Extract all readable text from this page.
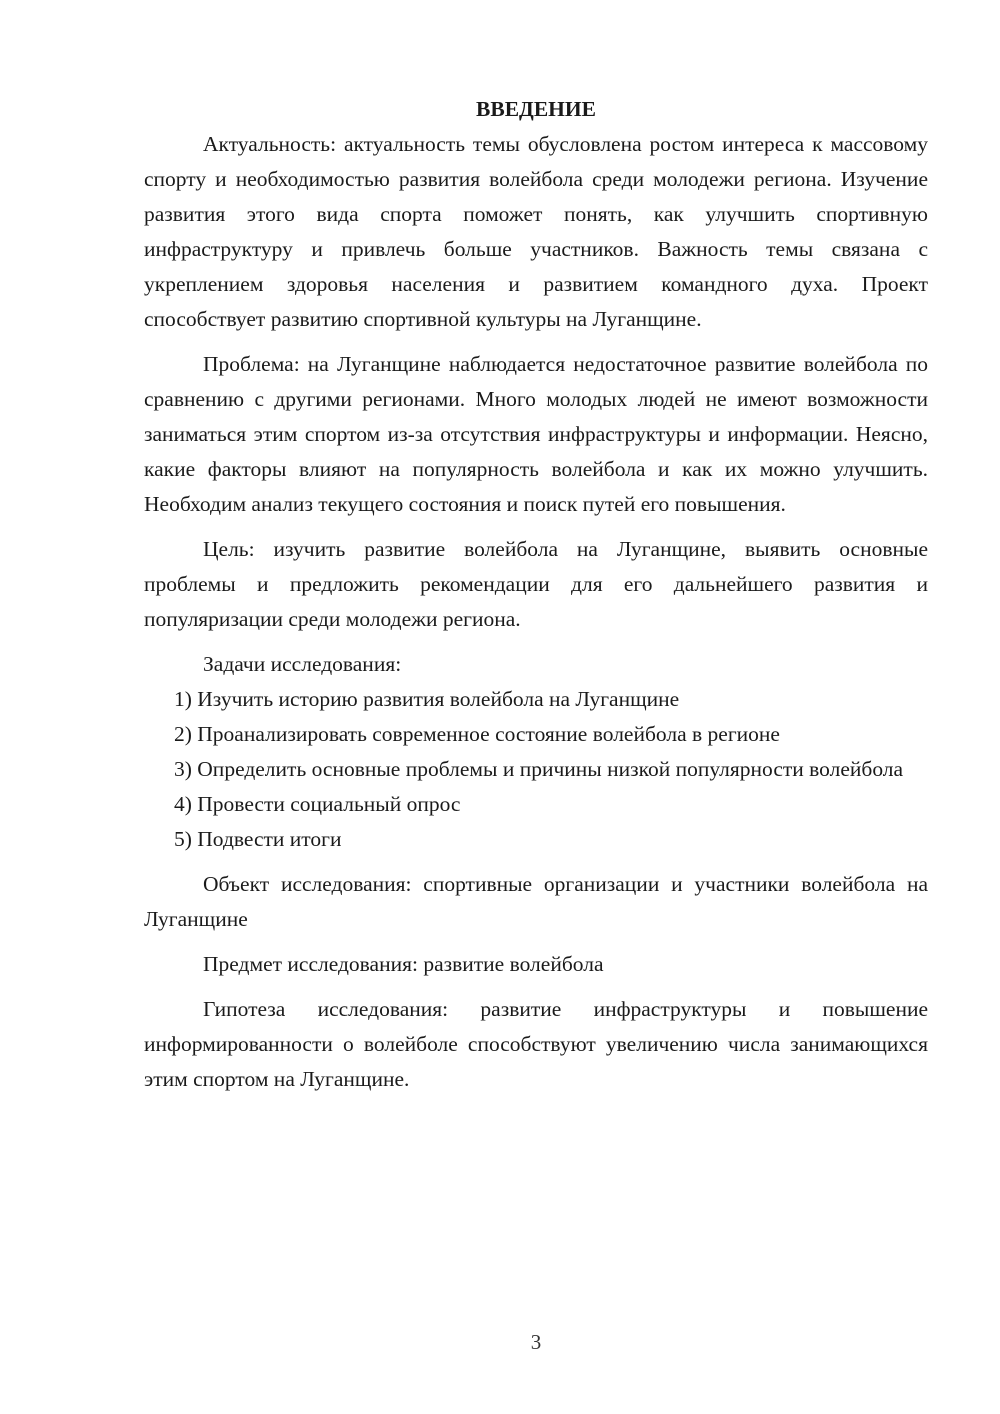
ВВЕДЕНИЕ

Актуальность: актуальность темы обусловлена ростом интереса к массовому спорту и необходимостью развития волейбола среди молодежи региона. Изучение развития этого вида спорта поможет понять, как улучшить спортивную инфраструктуру и привлечь больше участников. Важность темы связана с укреплением здоровья населения и развитием командного духа. Проект способствует развитию спортивной культуры на Луганщине.

Проблема: на Луганщине наблюдается недостаточное развитие волейбола по сравнению с другими регионами. Много молодых людей не имеют возможности заниматься этим спортом из-за отсутствия инфраструктуры и информации. Неясно, какие факторы влияют на популярность волейбола и как их можно улучшить. Необходим анализ текущего состояния и поиск путей его повышения.

Цель: изучить развитие волейбола на Луганщине, выявить основные проблемы и предложить рекомендации для его дальнейшего развития и популяризации среди молодежи региона.

Задачи исследования:

1) Изучить историю развития волейбола на Луганщине

2) Проанализировать современное состояние волейбола в регионе

3) Определить основные проблемы и причины низкой популярности волейбола

4) Провести социальный опрос

5) Подвести итоги

Объект исследования: спортивные организации и участники волейбола на Луганщине

Предмет исследования: развитие волейбола

Гипотеза исследования: развитие инфраструктуры и повышение информированности о волейболе способствуют увеличению числа занимающихся этим спортом на Луганщине.

3
